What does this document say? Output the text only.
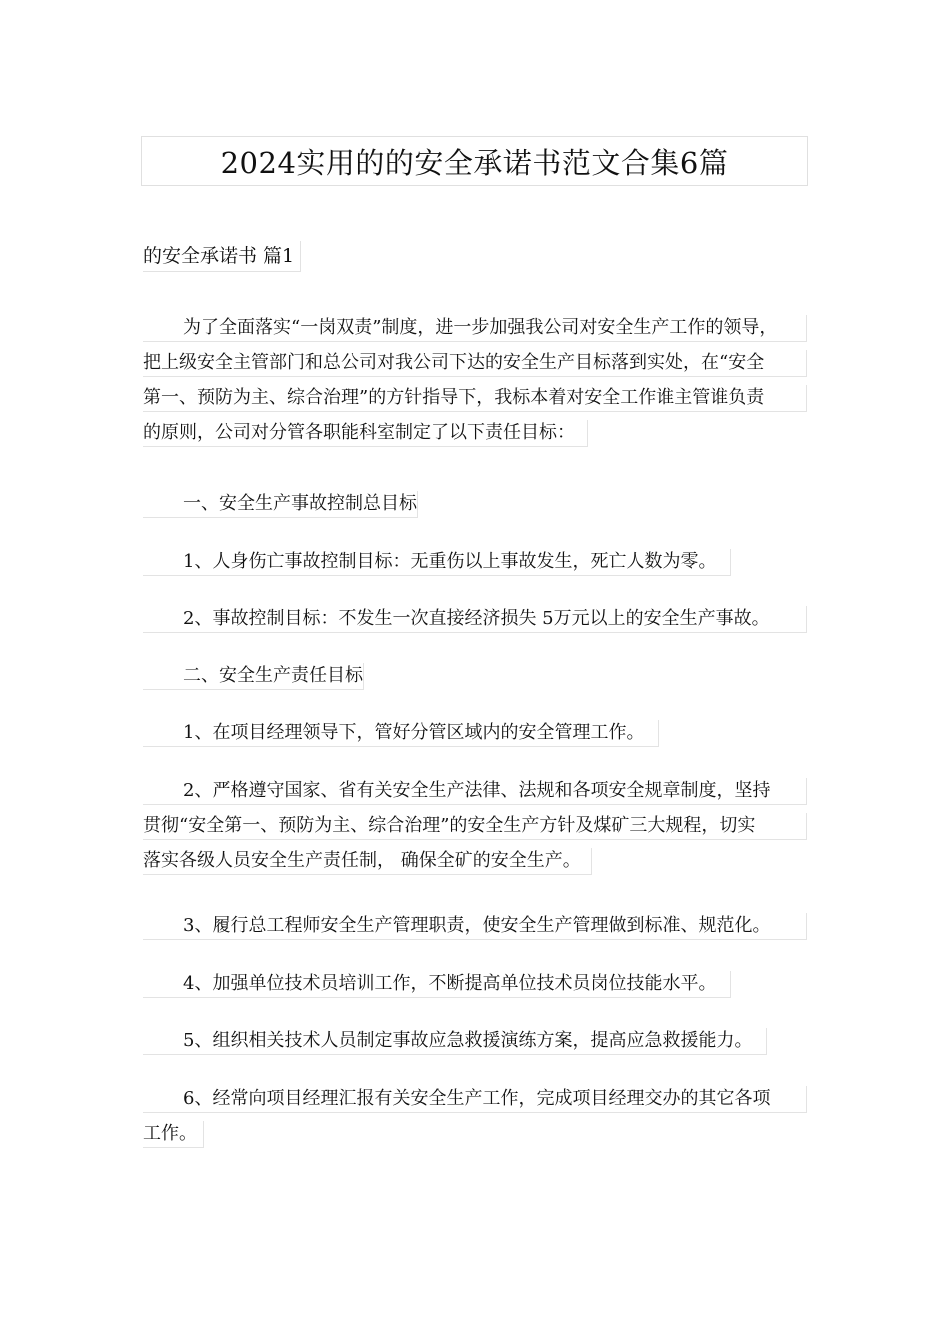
2024实用的的安全承诺书范文合集6篇
的安全承诺书 篇1
为了全面落实“一岗双责”制度，进一步加强我公司对安全生产工作的领导，
把上级安全主管部门和总公司对我公司下达的安全生产目标落到实处，在“安全
第一、预防为主、综合治理”的方针指导下，我标本着对安全工作谁主管谁负责
的原则，公司对分管各职能科室制定了以下责任目标：
一、安全生产事故控制总目标
1、人身伤亡事故控制目标：无重伤以上事故发生，死亡人数为零。
2、事故控制目标：不发生一次直接经济损失 5万元以上的安全生产事故。
二、安全生产责任目标
1、在项目经理领导下，管好分管区域内的安全管理工作。
2、严格遵守国家、省有关安全生产法律、法规和各项安全规章制度，坚持
贯彻“安全第一、预防为主、综合治理”的安全生产方针及煤矿三大规程，切实
落实各级人员安全生产责任制， 确保全矿的安全生产。
3、履行总工程师安全生产管理职责，使安全生产管理做到标准、规范化。
4、加强单位技术员培训工作，不断提高单位技术员岗位技能水平。
5、组织相关技术人员制定事故应急救援演练方案，提高应急救援能力。
6、经常向项目经理汇报有关安全生产工作，完成项目经理交办的其它各项
工作。
